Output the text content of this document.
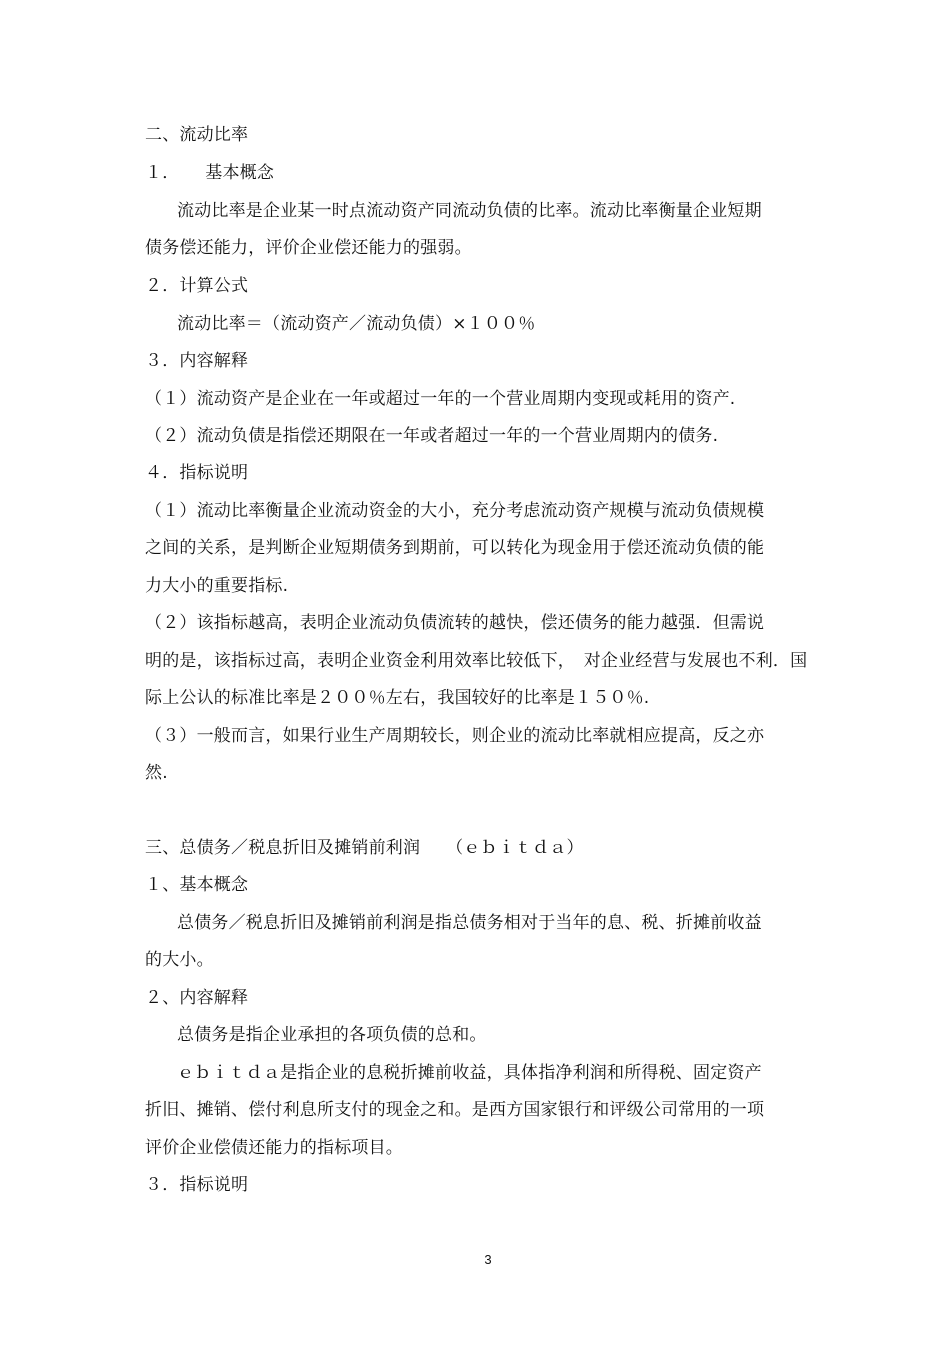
二、流动比率
１．　　基本概念
流动比率是企业某一时点流动资产同流动负债的比率。流动比率衡量企业短期
债务偿还能力，评价企业偿还能力的强弱。
２．计算公式
流动比率＝（流动资产／流动负债）×１００％
３．内容解释
（１）流动资产是企业在一年或超过一年的一个营业周期内变现或耗用的资产.
（２）流动负债是指偿还期限在一年或者超过一年的一个营业周期内的债务.
４．指标说明
（１）流动比率衡量企业流动资金的大小，充分考虑流动资产规模与流动负债规模
之间的关系，是判断企业短期债务到期前，可以转化为现金用于偿还流动负债的能
力大小的重要指标.
（２）该指标越高，表明企业流动负债流转的越快，偿还债务的能力越强．但需说
明的是，该指标过高，表明企业资金利用效率比较低下，　对企业经营与发展也不利．国
际上公认的标准比率是２００％左右，我国较好的比率是１５０％.
（３）一般而言，如果行业生产周期较长，则企业的流动比率就相应提高，反之亦
然.
三、总债务／税息折旧及摊销前利润　　（ｅｂｉｔｄａ）
１、基本概念
总债务／税息折旧及摊销前利润是指总债务相对于当年的息、税、折摊前收益
的大小。
２、内容解释
总债务是指企业承担的各项负债的总和。
ｅｂｉｔｄａ是指企业的息税折摊前收益，具体指净利润和所得税、固定资产
折旧、摊销、偿付利息所支付的现金之和。是西方国家银行和评级公司常用的一项
评价企业偿债还能力的指标项目。
３．指标说明
3
